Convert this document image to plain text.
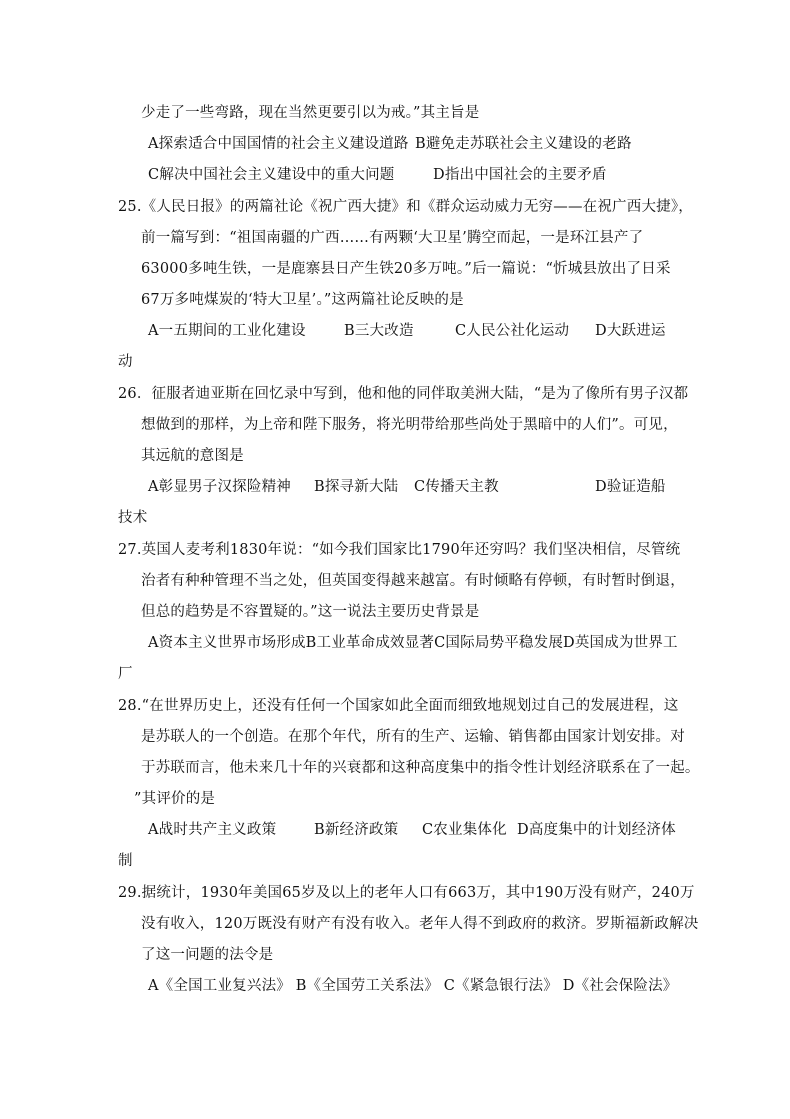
少走了一些弯路，现在当然更要引以为戒。”其主旨是
A探索适合中国国情的社会主义建设道路 B避免走苏联社会主义建设的老路
C解决中国社会主义建设中的重大问题	D指出中国社会的主要矛盾
25.《人民日报》的两篇社论《祝广西大捷》和《群众运动威力无穷——在祝广西大捷》，
前一篇写到：“祖国南疆的广西……有两颗‘大卫星’腾空而起，一是环江县产了
63000多吨生铁，一是鹿寨县日产生铁20多万吨。”后一篇说：“忻城县放出了日采
67万多吨煤炭的‘特大卫星’。”这两篇社论反映的是
A一五期间的工业化建设	B三大改造	C人民公社化运动 D大跃进运
动
26．征服者迪亚斯在回忆录中写到，他和他的同伴取美洲大陆，“是为了像所有男子汉都
想做到的那样，为上帝和陛下服务，将光明带给那些尚处于黑暗中的人们”。可见，
其远航的意图是
A彰显男子汉探险精神 B探寻新大陆 C传播天主教	D验证造船
技术
27.英国人麦考利1830年说：“如今我们国家比1790年还穷吗？我们坚决相信，尽管统
治者有种种管理不当之处，但英国变得越来越富。有时倾略有停顿，有时暂时倒退，
但总的趋势是不容置疑的。”这一说法主要历史背景是
A资本主义世界市场形成B工业革命成效显著C国际局势平稳发展D英国成为世界工
厂
28.“在世界历史上，还没有任何一个国家如此全面而细致地规划过自己的发展进程，这
是苏联人的一个创造。在那个年代，所有的生产、运输、销售都由国家计划安排。对
于苏联而言，他未来几十年的兴衰都和这种高度集中的指令性计划经济联系在了一起。
”其评价的是
A战时共产主义政策	B新经济政策 C农业集体化 D高度集中的计划经济体
制
29.据统计，1930年美国65岁及以上的老年人口有663万，其中190万没有财产，240万
没有收入，120万既没有财产有没有收入。老年人得不到政府的救济。罗斯福新政解决
了这一问题的法令是
A《全国工业复兴法》 B《全国劳工关系法》 C《紧急银行法》 D《社会保险法》
